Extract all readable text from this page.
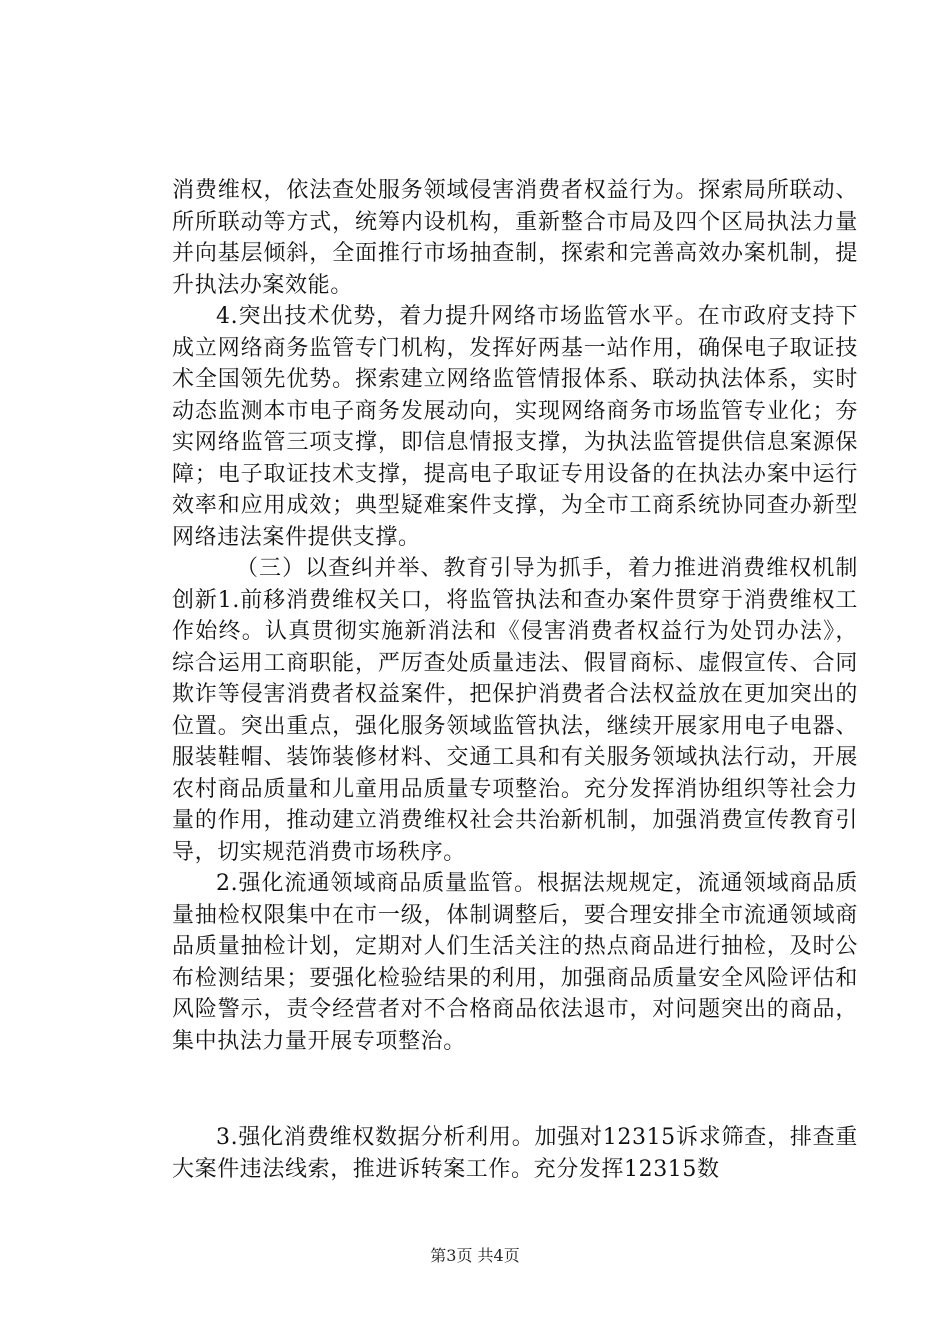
消费维权，依法查处服务领域侵害消费者权益行为。探索局所联动、所所联动等方式，统筹内设机构，重新整合市局及四个区局执法力量并向基层倾斜，全面推行市场抽查制，探索和完善高效办案机制，提升执法办案效能。

4.突出技术优势，着力提升网络市场监管水平。在市政府支持下成立网络商务监管专门机构，发挥好两基一站作用，确保电子取证技术全国领先优势。探索建立网络监管情报体系、联动执法体系，实时动态监测本市电子商务发展动向，实现网络商务市场监管专业化；夯实网络监管三项支撑，即信息情报支撑，为执法监管提供信息案源保障；电子取证技术支撑，提高电子取证专用设备的在执法办案中运行效率和应用成效；典型疑难案件支撑，为全市工商系统协同查办新型网络违法案件提供支撑。

（三）以查纠并举、教育引导为抓手，着力推进消费维权机制创新1.前移消费维权关口，将监管执法和查办案件贯穿于消费维权工作始终。认真贯彻实施新消法和《侵害消费者权益行为处罚办法》，综合运用工商职能，严厉查处质量违法、假冒商标、虚假宣传、合同欺诈等侵害消费者权益案件，把保护消费者合法权益放在更加突出的位置。突出重点，强化服务领域监管执法，继续开展家用电子电器、服装鞋帽、装饰装修材料、交通工具和有关服务领域执法行动，开展农村商品质量和儿童用品质量专项整治。充分发挥消协组织等社会力量的作用，推动建立消费维权社会共治新机制，加强消费宣传教育引导，切实规范消费市场秩序。

2.强化流通领域商品质量监管。根据法规规定，流通领域商品质量抽检权限集中在市一级，体制调整后，要合理安排全市流通领域商品质量抽检计划，定期对人们生活关注的热点商品进行抽检，及时公布检测结果；要强化检验结果的利用，加强商品质量安全风险评估和风险警示，责令经营者对不合格商品依法退市，对问题突出的商品，集中执法力量开展专项整治。

3.强化消费维权数据分析利用。加强对12315诉求筛查，排查重大案件违法线索，推进诉转案工作。充分发挥12315数

第3页 共4页
